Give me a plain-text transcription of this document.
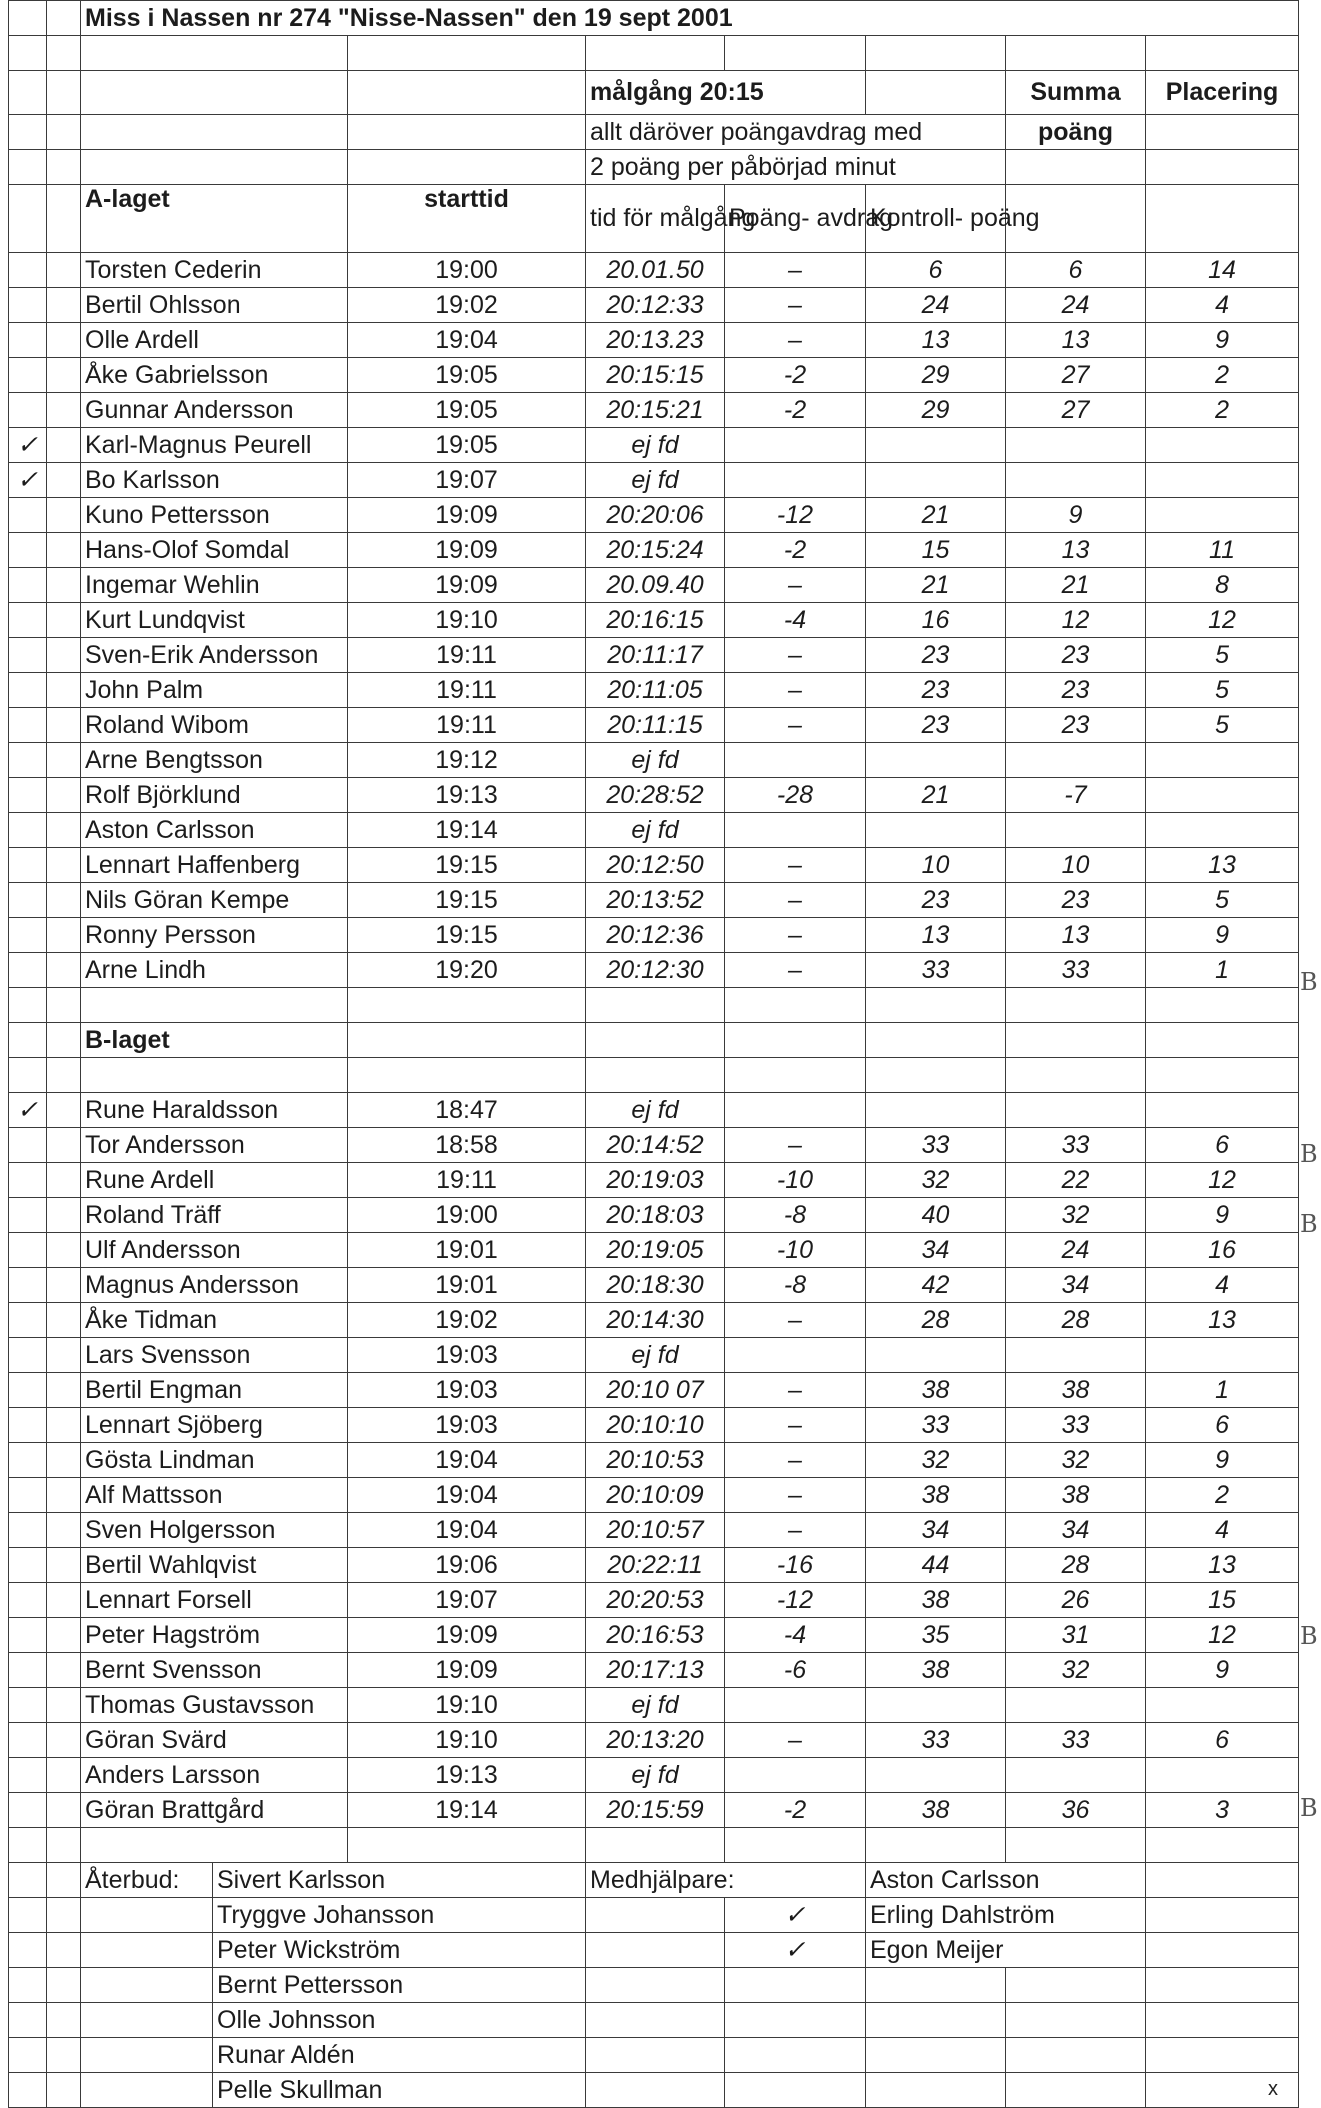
		Miss i Nassen nr 274 "Nisse-Nassen" den 19 sept 2001							

					målgång 20:15			Summa	Placering
					allt däröver poängavdrag med			poäng	
					2 poäng per påbörjad minut				
		A-laget		starttid	tid för målgång	Poäng- avdrag	Kontroll- poäng		
		Torsten Cederin		19:00	20.01.50	–	6	6	14
		Bertil Ohlsson		19:02	20:12:33	–	24	24	4
		Olle Ardell		19:04	20:13.23	–	13	13	9
		Åke Gabrielsson		19:05	20:15:15	-2	29	27	2
		Gunnar Andersson		19:05	20:15:21	-2	29	27	2
✓		Karl-Magnus Peurell		19:05	ej fd				
✓		Bo Karlsson		19:07	ej fd				
		Kuno Pettersson		19:09	20:20:06	-12	21	9	
		Hans-Olof Somdal		19:09	20:15:24	-2	15	13	11
		Ingemar Wehlin		19:09	20.09.40	–	21	21	8
		Kurt Lundqvist		19:10	20:16:15	-4	16	12	12
		Sven-Erik Andersson		19:11	20:11:17	–	23	23	5
		John Palm		19:11	20:11:05	–	23	23	5
		Roland Wibom		19:11	20:11:15	–	23	23	5
		Arne Bengtsson		19:12	ej fd				
		Rolf Björklund		19:13	20:28:52	-28	21	-7	
		Aston Carlsson		19:14	ej fd				
		Lennart Haffenberg		19:15	20:12:50	–	10	10	13
		Nils Göran Kempe		19:15	20:13:52	–	23	23	5
		Ronny Persson		19:15	20:12:36	–	13	13	9
		Arne Lindh		19:20	20:12:30	–	33	33	1

		B-laget							

✓		Rune Haraldsson		18:47	ej fd				
		Tor Andersson		18:58	20:14:52	–	33	33	6
		Rune Ardell		19:11	20:19:03	-10	32	22	12
		Roland Träff		19:00	20:18:03	-8	40	32	9
		Ulf Andersson		19:01	20:19:05	-10	34	24	16
		Magnus Andersson		19:01	20:18:30	-8	42	34	4
		Åke Tidman		19:02	20:14:30	–	28	28	13
		Lars Svensson		19:03	ej fd				
		Bertil Engman		19:03	20:10 07	–	38	38	1
		Lennart Sjöberg		19:03	20:10:10	–	33	33	6
		Gösta Lindman		19:04	20:10:53	–	32	32	9
		Alf Mattsson		19:04	20:10:09	–	38	38	2
		Sven Holgersson		19:04	20:10:57	–	34	34	4
		Bertil Wahlqvist		19:06	20:22:11	-16	44	28	13
		Lennart Forsell		19:07	20:20:53	-12	38	26	15
		Peter Hagström		19:09	20:16:53	-4	35	31	12
		Bernt Svensson		19:09	20:17:13	-6	38	32	9
		Thomas Gustavsson		19:10	ej fd				
		Göran Svärd		19:10	20:13:20	–	33	33	6
		Anders Larsson		19:13	ej fd				
		Göran Brattgård		19:14	20:15:59	-2	38	36	3

		Återbud:	Sivert Karlsson		Medhjälpare:		Aston Carlsson		
			Tryggve Johansson			✓	Erling Dahlström		
			Peter Wickström			✓	Egon Meijer		
			Bernt Pettersson						
			Olle Johnsson						
			Runar Aldén						
			Pelle Skullman						
B
B
B
B
B
x
